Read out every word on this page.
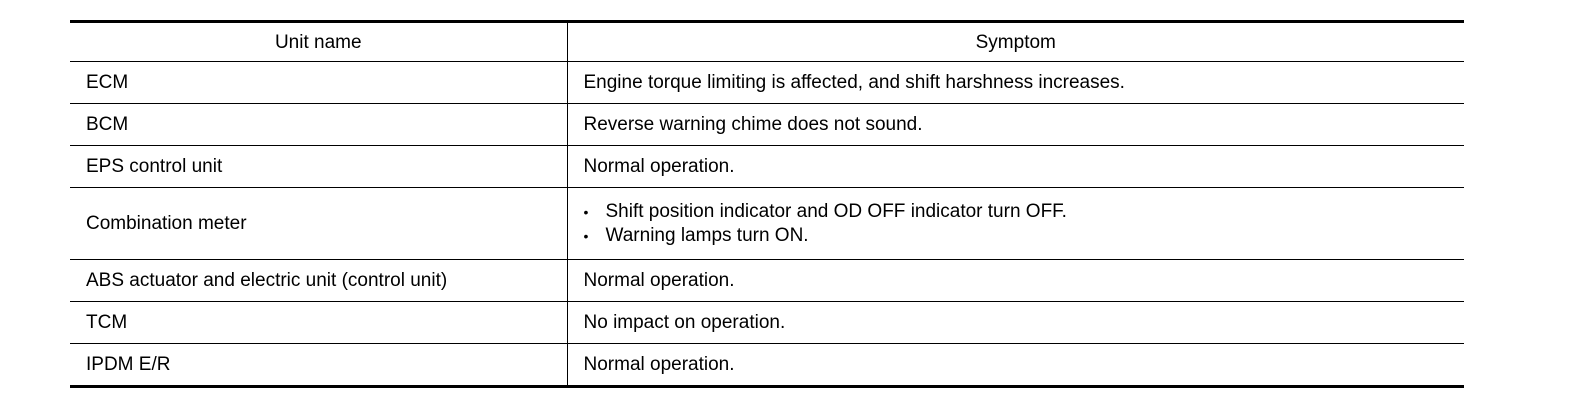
Unit name	Symptom
ECM	Engine torque limiting is affected, and shift harshness increases.
BCM	Reverse warning chime does not sound.
EPS control unit	Normal operation.
Combination meter	• Shift position indicator and OD OFF indicator turn OFF.
• Warning lamps turn ON.

ABS actuator and electric unit (control unit)	Normal operation.
TCM	No impact on operation.
IPDM E/R	Normal operation.
